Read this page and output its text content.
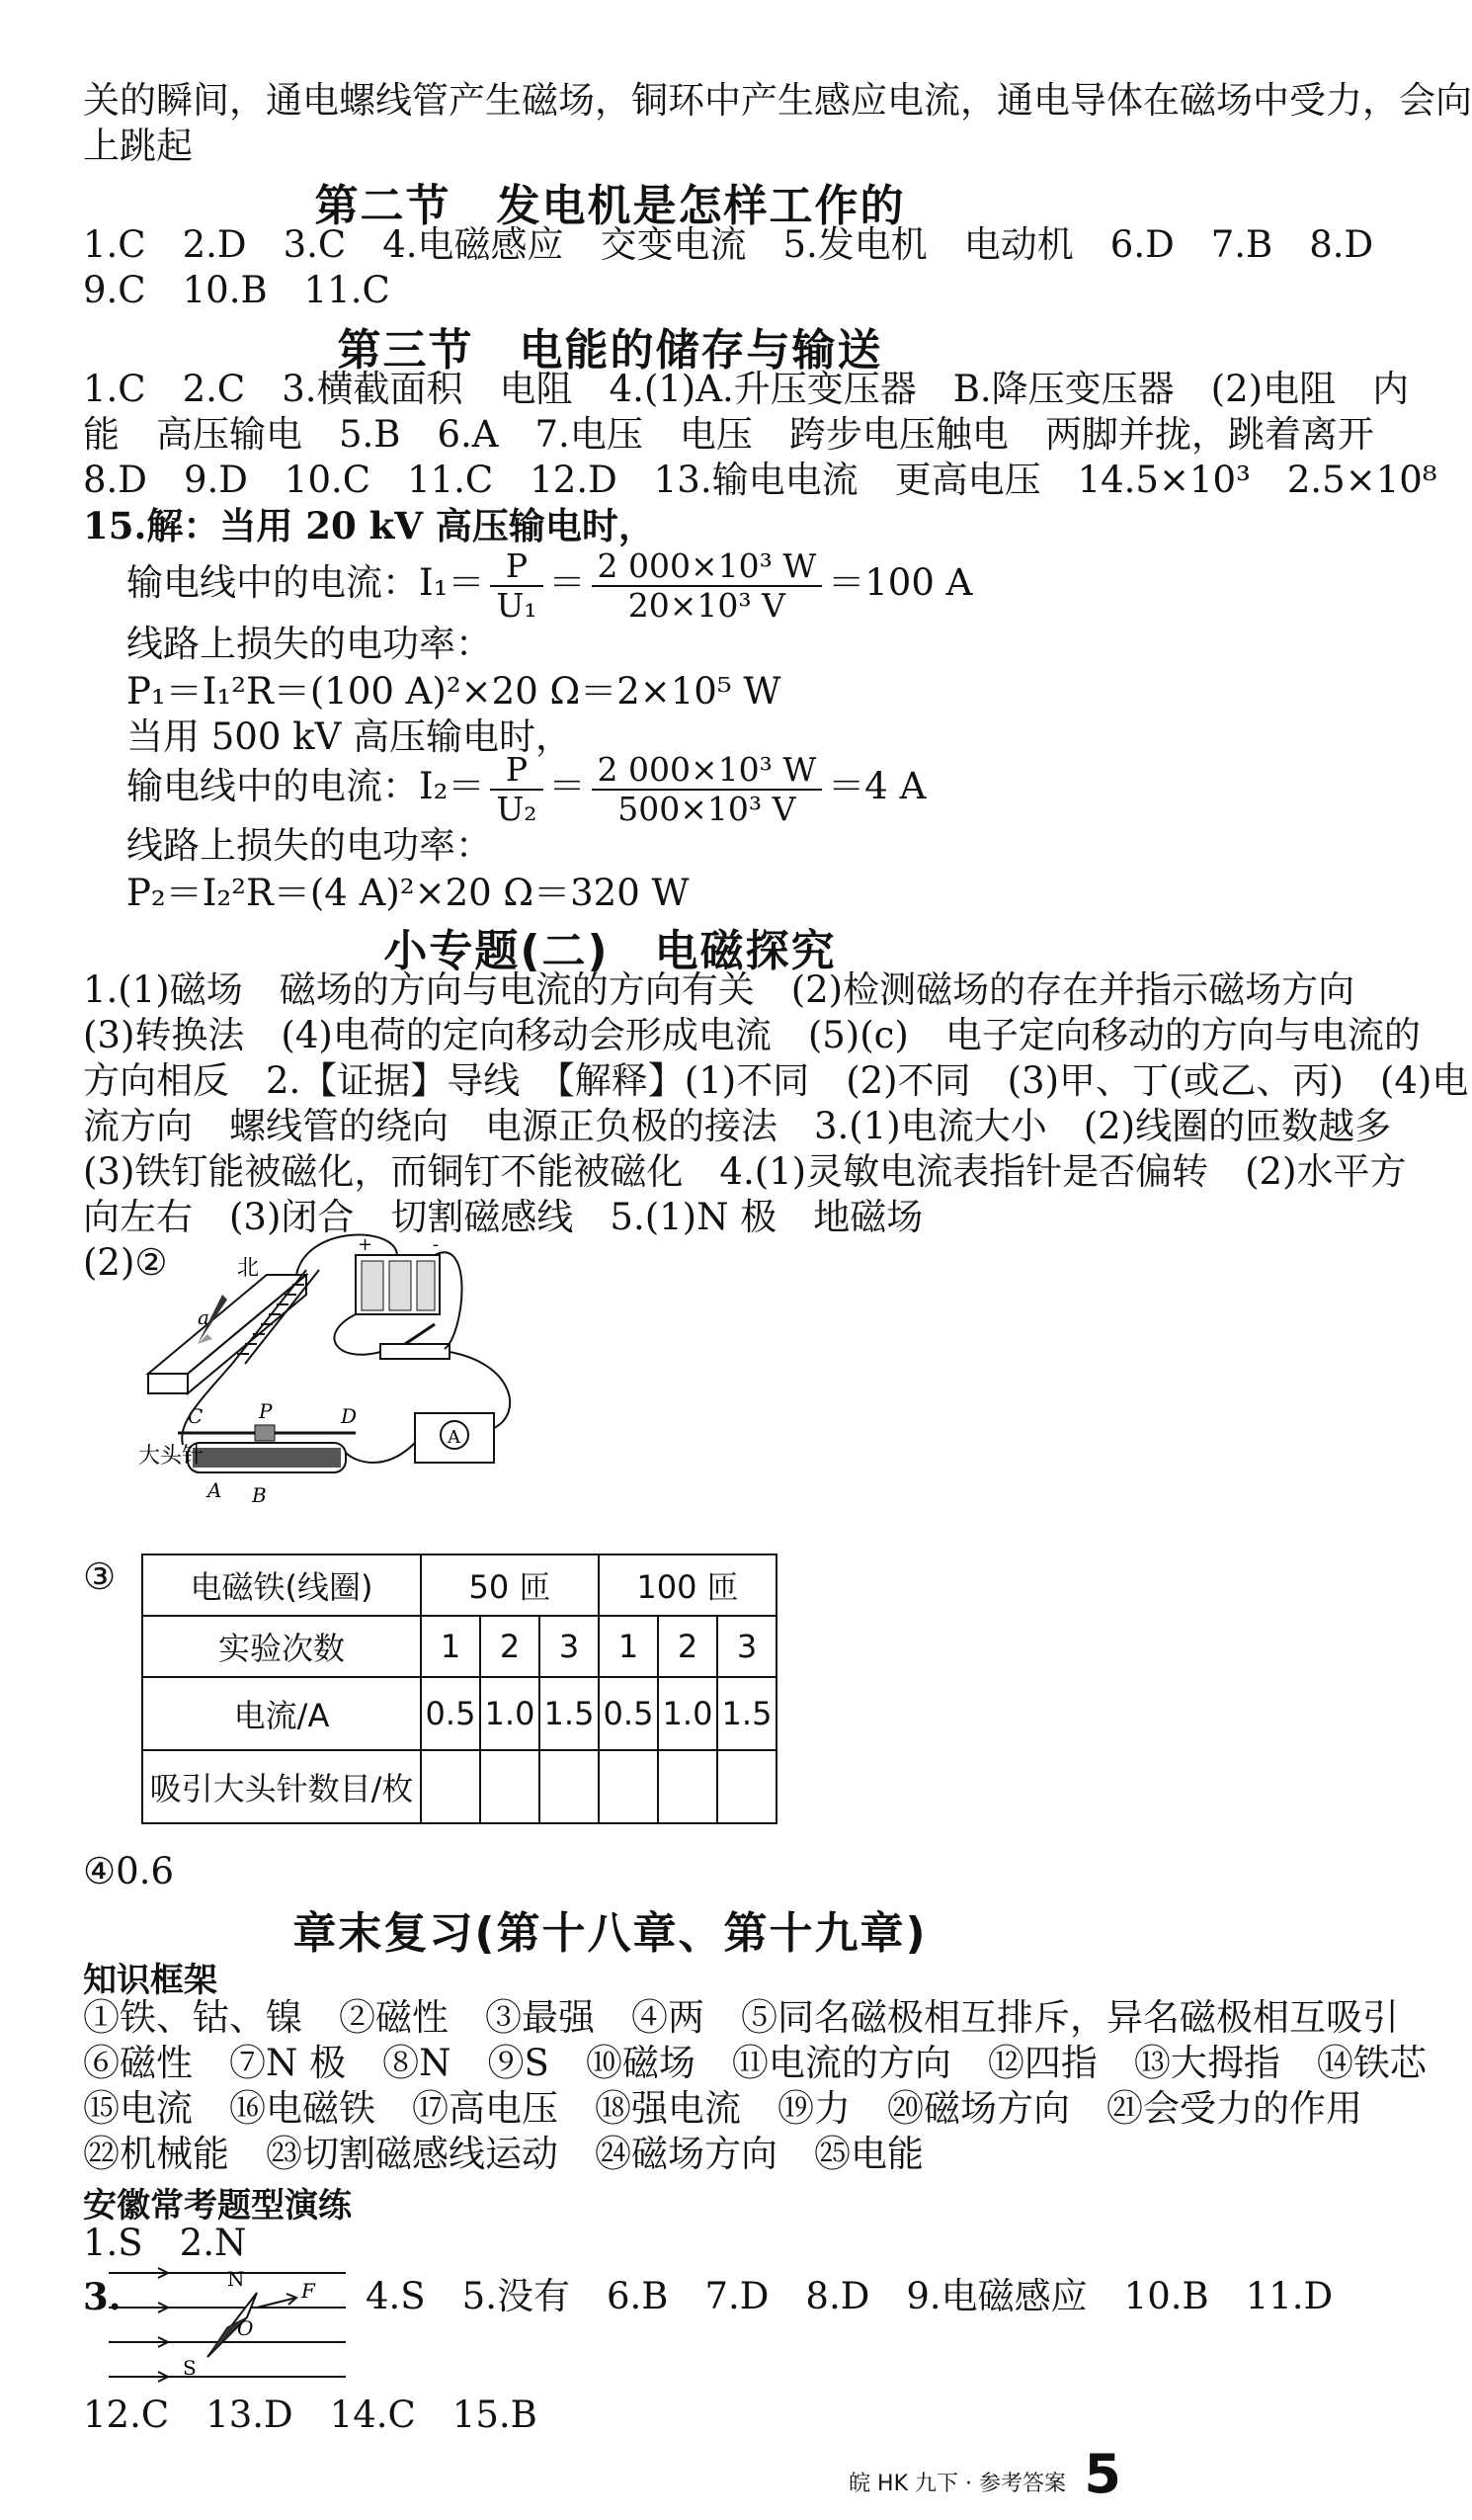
关的瞬间，通电螺线管产生磁场，铜环中产生感应电流，通电导体在磁场中受力，会向
上跳起
第二节　发电机是怎样工作的
1.C　2.D　3.C　4.电磁感应　交变电流　5.发电机　电动机　6.D　7.B　8.D
9.C　10.B　11.C
第三节　电能的储存与输送
1.C　2.C　3.横截面积　电阻　4.(1)A.升压变压器　B.降压变压器　(2)电阻　内
能　高压输电　5.B　6.A　7.电压　电压　跨步电压触电　两脚并拢，跳着离开
8.D　9.D　10.C　11.C　12.D　13.输电电流　更高电压　14.5×10³　2.5×10⁸
15.解：当用 20 kV 高压输电时，
输电线中的电流：$I_1= \frac{P}{\text{U₁}} = \frac{\text{2 000×10³ W}}{\text{20×10³ V}} =100$ A
线路上损失的电功率：
P₁＝I₁²R＝(100 A)²×20 Ω＝2×10⁵ W
当用 500 kV 高压输电时，
输电线中的电流：$I_2= \frac{P}{\text{U₂}} = \frac{\text{2 000×10³ W}}{\text{500×10³ V}} =4$ A
线路上损失的电功率：
P₂＝I₂²R＝(4 A)²×20 Ω＝320 W
小专题(二)　电磁探究
1.(1)磁场　磁场的方向与电流的方向有关　(2)检测磁场的存在并指示磁场方向
(3)转换法　(4)电荷的定向移动会形成电流　(5)(c)　电子定向移动的方向与电流的
方向相反　2.【证据】导线　【解释】(1)不同　(2)不同　(3)甲、丁(或乙、丙)　(4)电
流方向　螺线管的绕向　电源正负极的接法　3.(1)电流大小　(2)线圈的匝数越多
(3)铁钉能被磁化，而铜钉不能被磁化　4.(1)灵敏电流表指针是否偏转　(2)水平方
向左右　(3)闭合　切割磁感线　5.(1)N 极　地磁场
(2)②	北
a
+	-
A
C	P	D
A B
大头针
③ 电磁铁(线圈)	50 匝			100 匝		
实验次数	1	2	3	1	2	3
电流/A	0.5	1.0	1.5	0.5	1.0	1.5
吸引大头针数目/枚						
④0.6
章末复习(第十八章、第十九章)
知识框架
①铁、钴、镍　②磁性　③最强　④两　⑤同名磁极相互排斥，异名磁极相互吸引
⑥磁性　⑦N 极　⑧N　⑨S　⑩磁场　⑪电流的方向　⑫四指　⑬大拇指　⑭铁芯
⑮电流　⑯电磁铁　⑰高电压　⑱强电流　⑲力　⑳磁场方向　㉑会受力的作用
㉒机械能　㉓切割磁感线运动　㉔磁场方向　㉕电能
安徽常考题型演练
1.S　2.N
3.	N
S
O
F 4.S　5.没有　6.B　7.D　8.D　9.电磁感应　10.B　11.D
12.C　13.D　14.C　15.B
皖 HK 九下 · 参考答案 5
